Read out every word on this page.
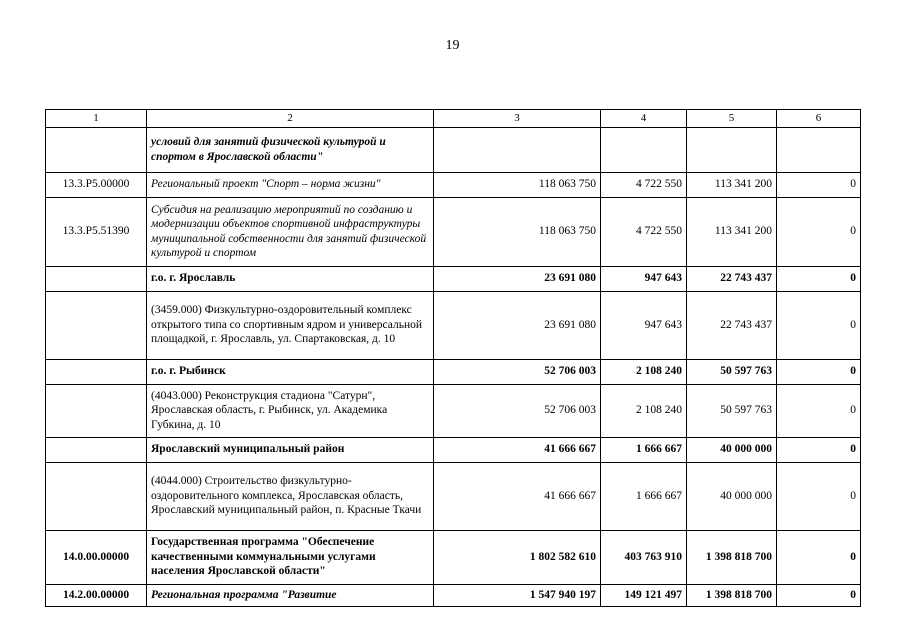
19
1	2	3	4	5	6
	условий для занятий физической культурой и спортом в Ярославской области"				
13.3.Р5.00000	Региональный проект "Спорт – норма жизни"	118 063 750	4 722 550	113 341 200	0
13.3.Р5.51390	Субсидия на реализацию мероприятий по созданию и модернизации объектов спортивной инфраструктуры муниципальной собственности для занятий физической культурой и спортом	118 063 750	4 722 550	113 341 200	0
	г.о. г. Ярославль	23 691 080	947 643	22 743 437	0
	(3459.000) Физкультурно-оздоровительный комплекс открытого типа со спортивным ядром и универсальной площадкой, г. Ярославль, ул. Спартаковская, д. 10	23 691 080	947 643	22 743 437	0
	г.о. г. Рыбинск	52 706 003	2 108 240	50 597 763	0
	(4043.000) Реконструкция стадиона "Сатурн", Ярославская область, г. Рыбинск, ул. Академика Губкина, д. 10	52 706 003	2 108 240	50 597 763	0
	Ярославский муниципальный район	41 666 667	1 666 667	40 000 000	0
	(4044.000) Строительство физкультурно-оздоровительного комплекса, Ярославская область, Ярославский муниципальный район, п. Красные Ткачи	41 666 667	1 666 667	40 000 000	0
14.0.00.00000	Государственная программа "Обеспечение качественными коммунальными услугами населения Ярославской области"	1 802 582 610	403 763 910	1 398 818 700	0
14.2.00.00000	Региональная программа "Развитие	1 547 940 197	149 121 497	1 398 818 700	0
